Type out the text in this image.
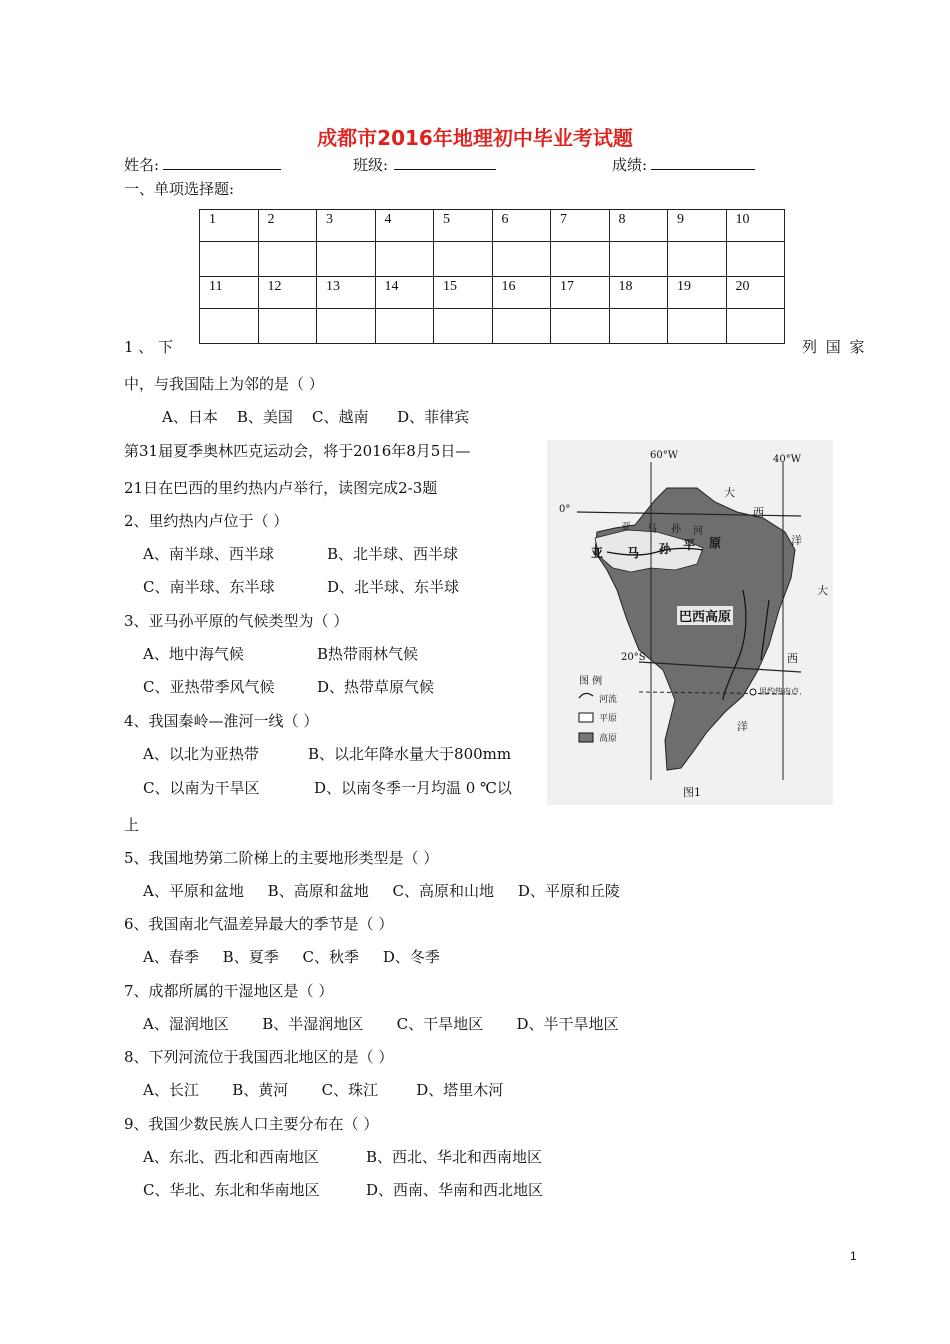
成都市2016年地理初中毕业考试题
姓名:	班级:	成绩:
一、单项选择题:
1	2	3	4	5	6	7	8	9	10

11	12	13	14	15	16	17	18	19	20

1 、 下	列 国 家
中，与我国陆上为邻的是（ ）
A、日本    B、美国    C、越南      D、菲律宾
第31届夏季奥林匹克运动会，将于2016年8月5日—
21日在巴西的里约热内卢举行，读图完成2-3题
2、里约热内卢位于（ ）
A、南半球、西半球	B、北半球、西半球
C、南半球、东半球	D、北半球、东半球
3、亚马孙平原的气候类型为（ ）
A、地中海气候	B热带雨林气候
C、亚热带季风气候	D、热带草原气候
4、我国秦岭—淮河一线（ ）
A、以北为亚热带	B、以北年降水量大于800mm
C、以南为干旱区	D、以南冬季一月均温 0 ℃以
上
5、我国地势第二阶梯上的主要地形类型是（ ）
A、平原和盆地     B、高原和盆地     C、高原和山地     D、平原和丘陵
6、我国南北气温差异最大的季节是（ ）
A、春季     B、夏季     C、秋季     D、冬季
7、成都所属的干湿地区是（ ）
A、湿润地区       B、半湿润地区       C、干旱地区       D、半干旱地区
8、下列河流位于我国西北地区的是（ ）
A、长江       B、黄河       C、珠江        D、塔里木河
9、我国少数民族人口主要分布在（ ）
A、东北、西北和西南地区	B、西北、华北和西南地区
C、华北、东北和华南地区	D、西南、华南和西北地区
60°W	40°W
0°
20°S
大
西
洋
大
西
洋
亚 马 孙 河
亚 马 孙 平 原
巴西高原
图 例
河流
平原
高原
里约热内卢
图1
1
